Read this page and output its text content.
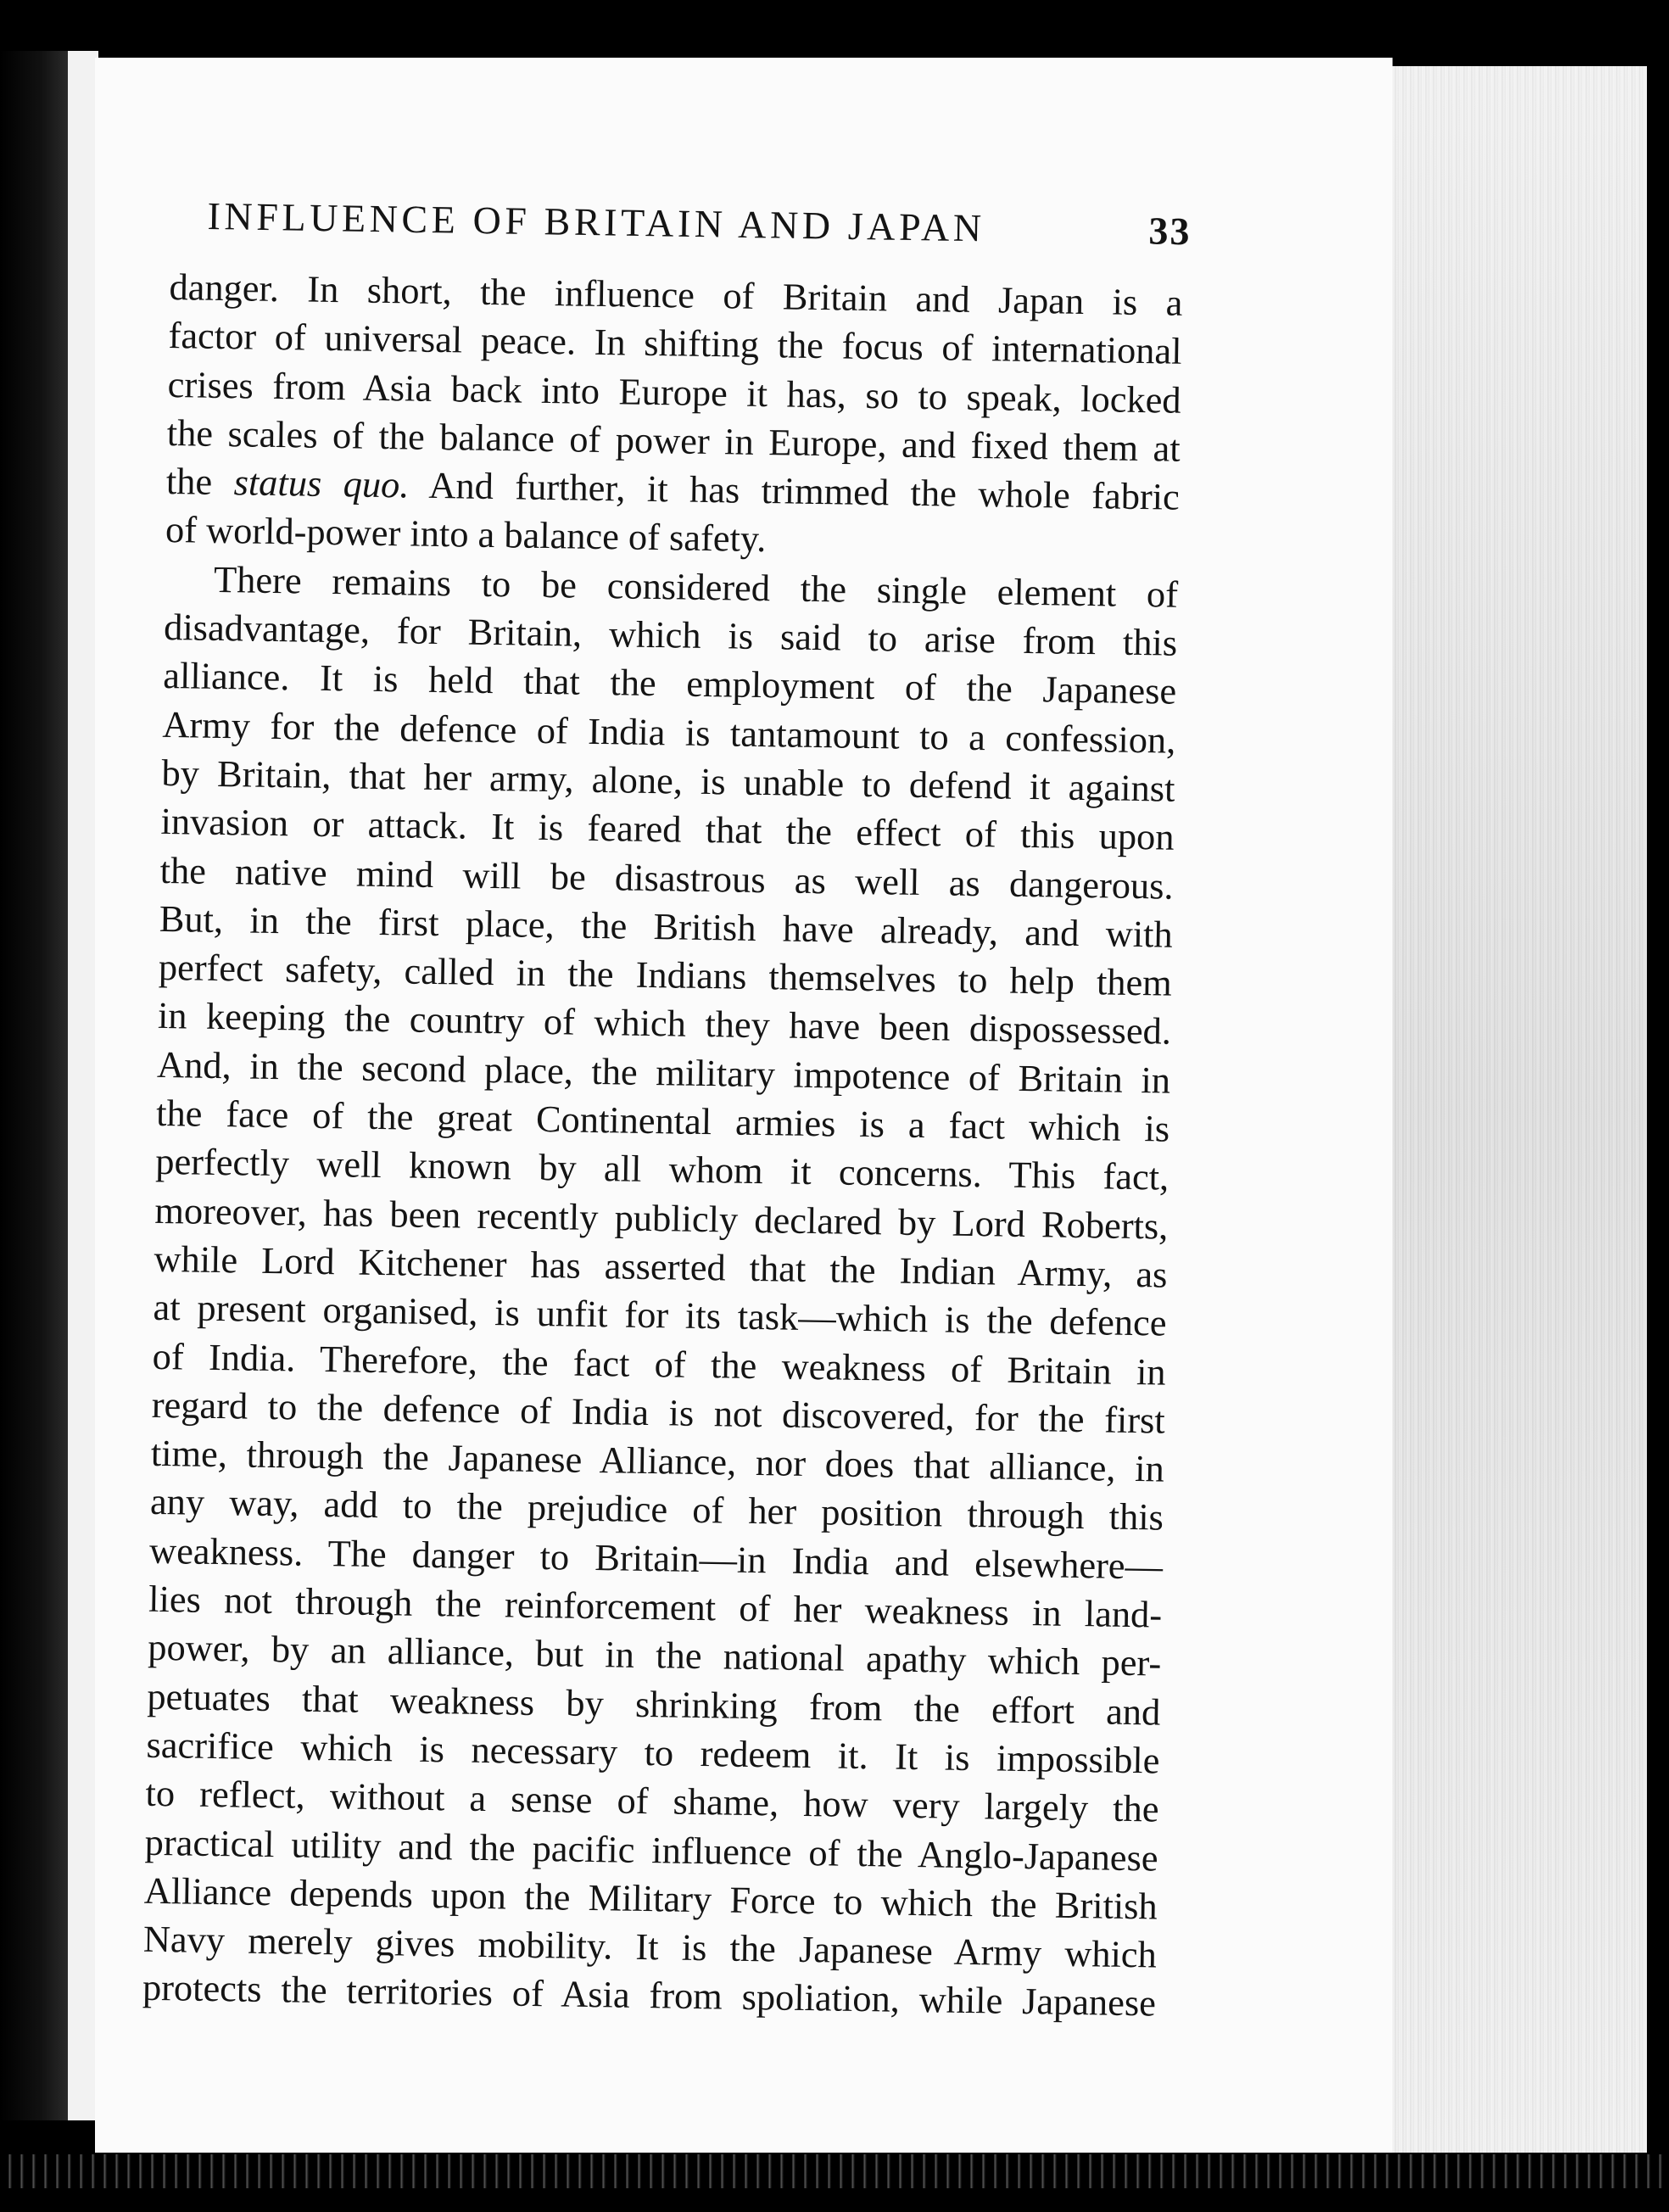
INFLUENCE OF BRITAIN AND JAPAN	33
danger. In short, the influence of Britain and Japan is a
factor of universal peace. In shifting the focus of international
crises from Asia back into Europe it has, so to speak, locked
the scales of the balance of power in Europe, and fixed them at
the status quo. And further, it has trimmed the whole fabric
of world-power into a balance of safety.
There remains to be considered the single element of
disadvantage, for Britain, which is said to arise from this
alliance. It is held that the employment of the Japanese
Army for the defence of India is tantamount to a confession,
by Britain, that her army, alone, is unable to defend it against
invasion or attack. It is feared that the effect of this upon
the native mind will be disastrous as well as dangerous.
But, in the first place, the British have already, and with
perfect safety, called in the Indians themselves to help them
in keeping the country of which they have been dispossessed.
And, in the second place, the military impotence of Britain in
the face of the great Continental armies is a fact which is
perfectly well known by all whom it concerns. This fact,
moreover, has been recently publicly declared by Lord Roberts,
while Lord Kitchener has asserted that the Indian Army, as
at present organised, is unfit for its task—which is the defence
of India. Therefore, the fact of the weakness of Britain in
regard to the defence of India is not discovered, for the first
time, through the Japanese Alliance, nor does that alliance, in
any way, add to the prejudice of her position through this
weakness. The danger to Britain—in India and elsewhere—
lies not through the reinforcement of her weakness in land-
power, by an alliance, but in the national apathy which per-
petuates that weakness by shrinking from the effort and
sacrifice which is necessary to redeem it. It is impossible
to reflect, without a sense of shame, how very largely the
practical utility and the pacific influence of the Anglo-Japanese
Alliance depends upon the Military Force to which the British
Navy merely gives mobility. It is the Japanese Army which
protects the territories of Asia from spoliation, while Japanese
